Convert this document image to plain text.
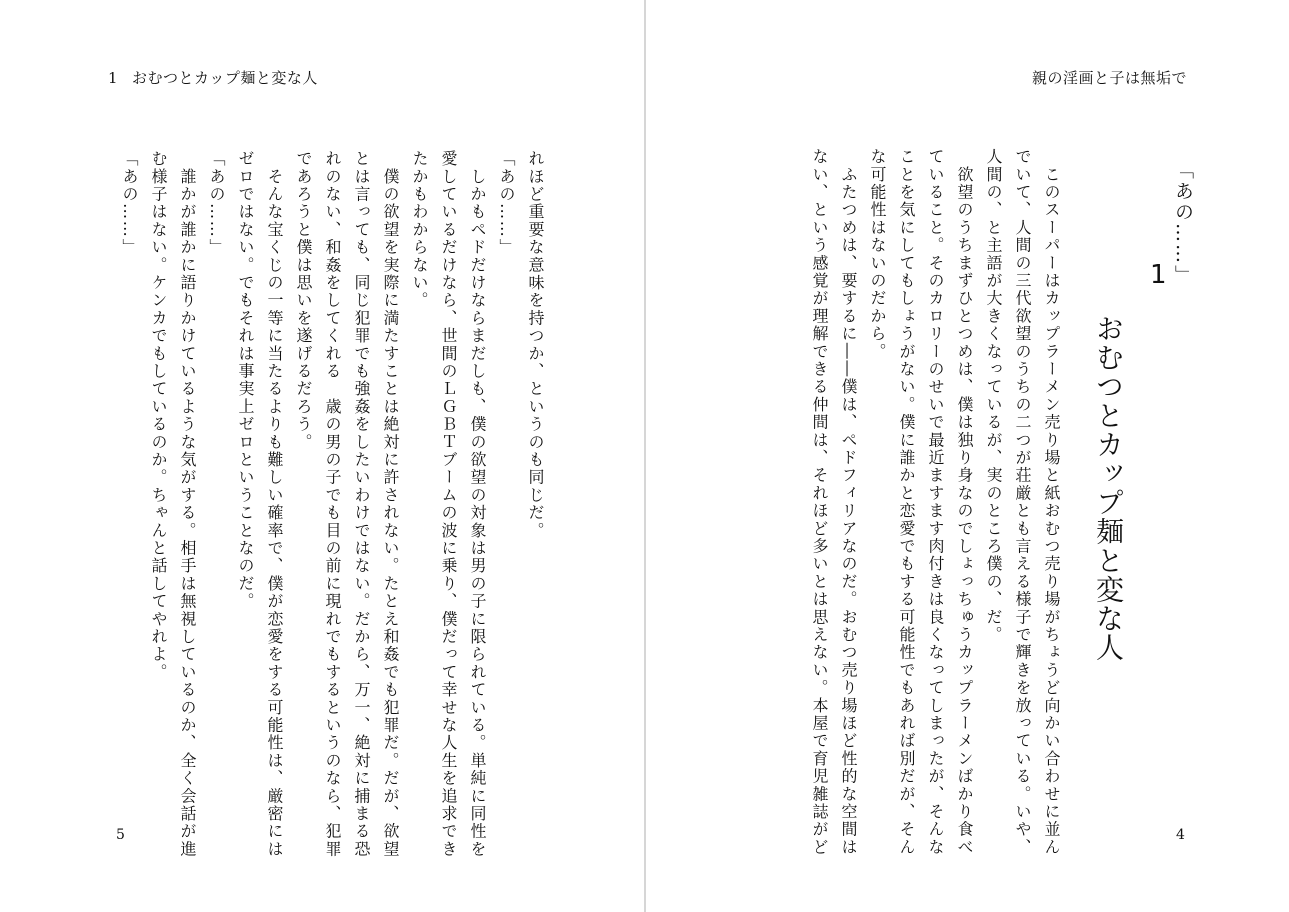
1 おむつとカップ麺と変な人

れほど重要な意味を持つか、というのも同じだ。

「あの……」

　しかもペドだけならまだしも、僕の欲望の対象は男の子に限られている。単純に同性を

愛しているだけなら、世間のＬＧＢＴブームの波に乗り、僕だって幸せな人生を追求でき

たかもわからない。

　僕の欲望を実際に満たすことは絶対に許されない。たとえ和姦でも犯罪だ。だが、欲望

とは言っても、同じ犯罪でも強姦をしたいわけではない。だから、万一、絶対に捕まる恐

れのない、和姦をしてくれる　歳の男の子でも目の前に現れでもするというのなら、犯罪

であろうと僕は思いを遂げるだろう。

　そんな宝くじの一等に当たるよりも難しい確率で、僕が恋愛をする可能性は、厳密には

ゼロではない。でもそれは事実上ゼロということなのだ。

「あの……」

　誰かが誰かに語りかけているような気がする。相手は無視しているのか、全く会話が進

む様子はない。ケンカでもしているのか。ちゃんと話してやれよ。

「あの……」

5
親の淫画と子は無垢で
「あの……」
1
おむつとカップ麺と変な人

　このスーパーはカップラーメン売り場と紙おむつ売り場がちょうど向かい合わせに並ん

でいて、人間の三代欲望のうちの二つが荘厳とも言える様子で輝きを放っている。いや、

人間の、と主語が大きくなっているが、実のところ僕の、だ。

　欲望のうちまずひとつめは、僕は独り身なのでしょっちゅうカップラーメンばかり食べ

ていること。そのカロリーのせいで最近ますます肉付きは良くなってしまったが、そんな

ことを気にしてもしょうがない。僕に誰かと恋愛でもする可能性でもあれば別だが、そん

な可能性はないのだから。

　ふたつめは、要するに――僕は、ペドフィリアなのだ。おむつ売り場ほど性的な空間は

ない、という感覚が理解できる仲間は、それほど多いとは思えない。本屋で育児雑誌がど	4
